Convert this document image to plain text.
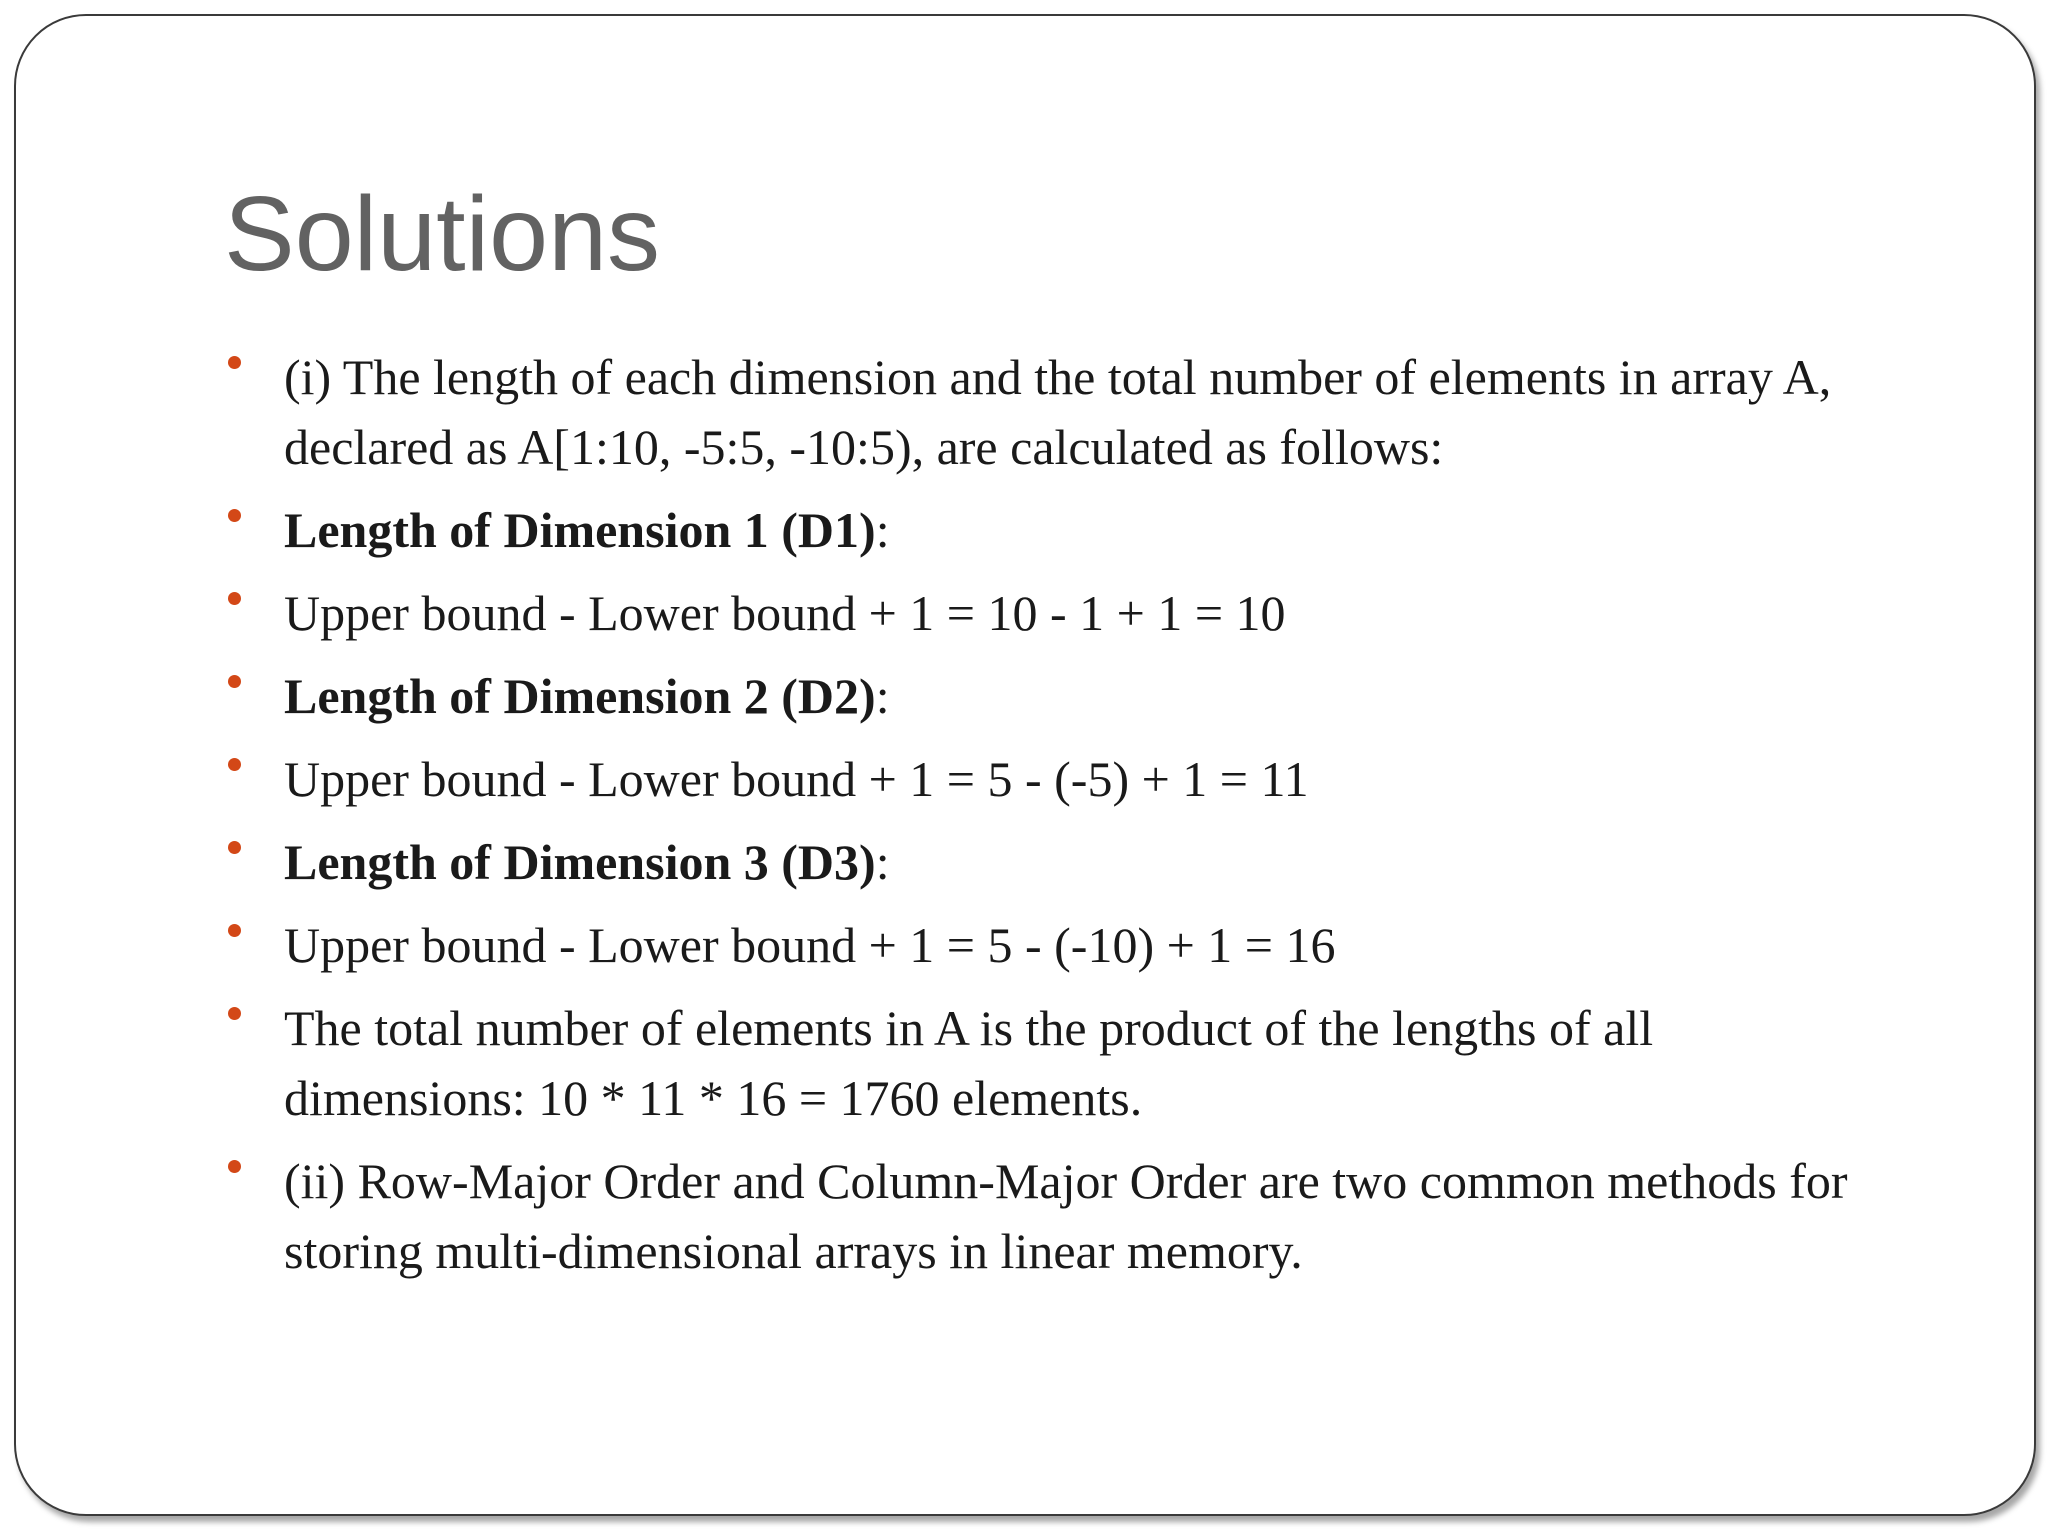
Solutions
(i) The length of each dimension and the total number of elements in array A, declared as A[1:10, -5:5, -10:5), are calculated as follows:
Length of Dimension 1 (D1):
Upper bound - Lower bound + 1 = 10 - 1 + 1 = 10
Length of Dimension 2 (D2):
Upper bound - Lower bound + 1 = 5 - (-5) + 1 = 11
Length of Dimension 3 (D3):
Upper bound - Lower bound + 1 = 5 - (-10) + 1 = 16
The total number of elements in A is the product of the lengths of all dimensions: 10 * 11 * 16 = 1760 elements.
(ii) Row-Major Order and Column-Major Order are two common methods for storing multi-dimensional arrays in linear memory.
